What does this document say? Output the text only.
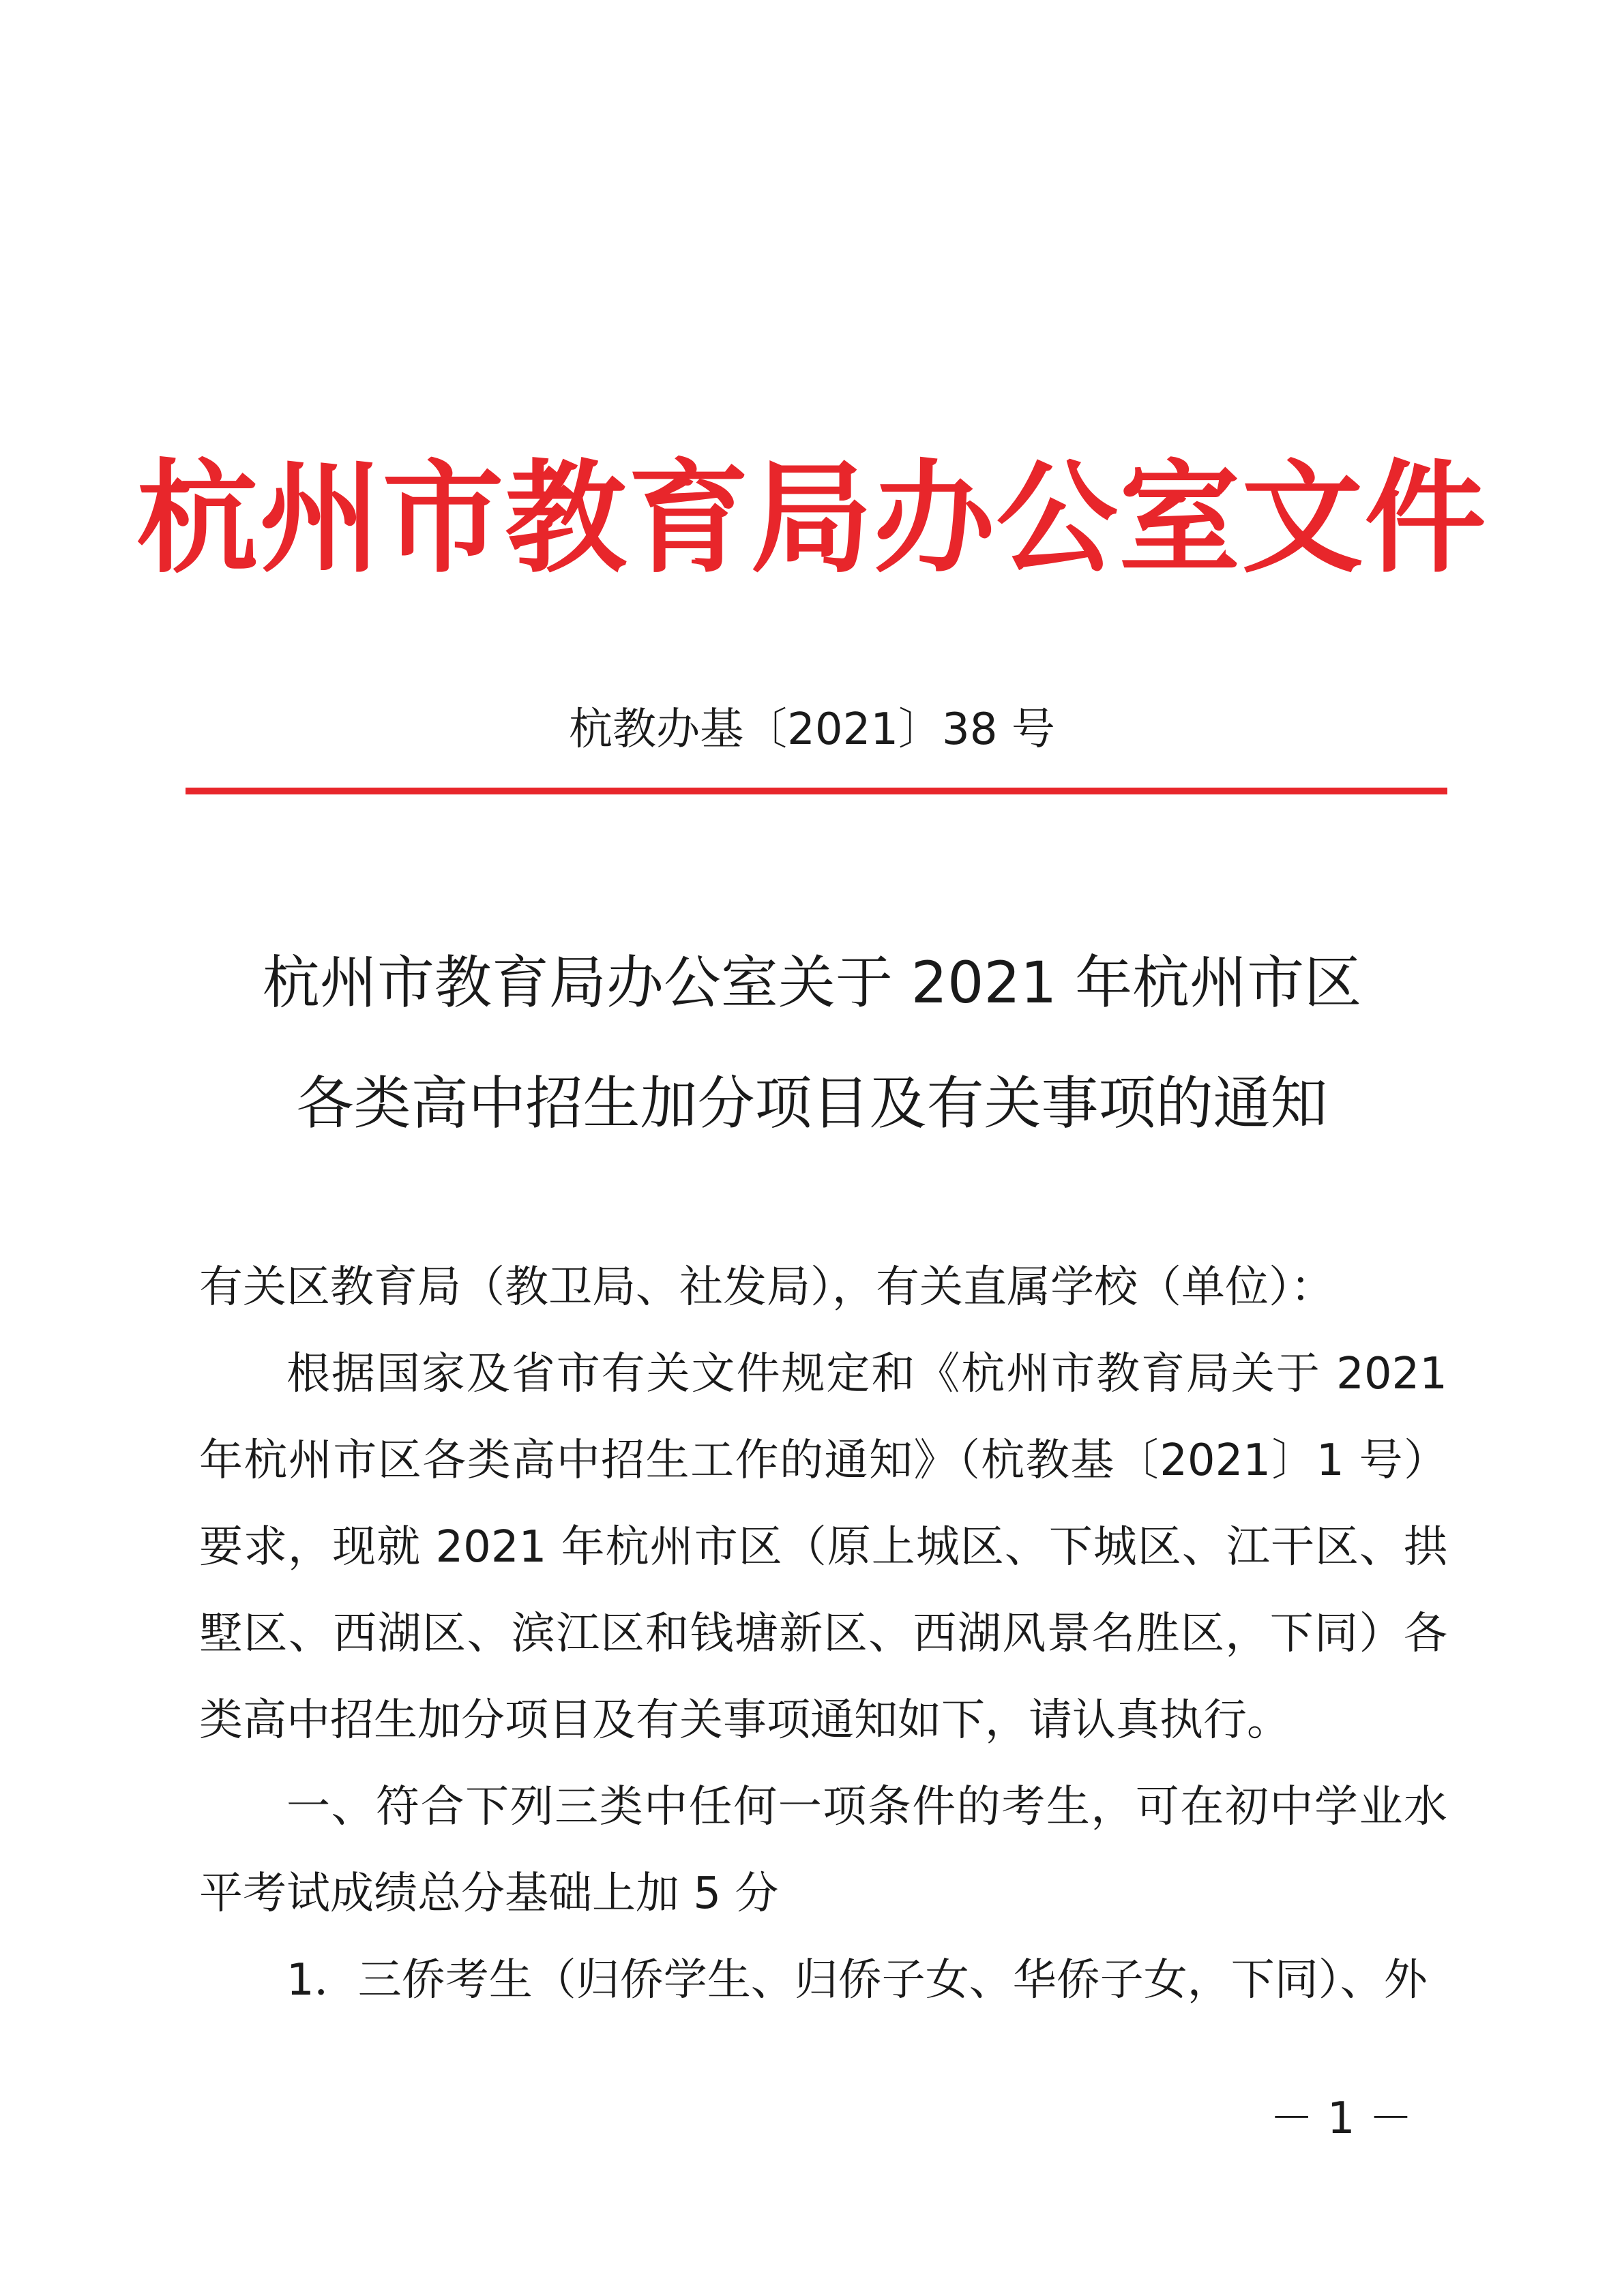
杭州市教育局办公室文件
杭教办基〔2021〕38 号
杭州市教育局办公室关于 2021 年杭州市区
各类高中招生加分项目及有关事项的通知

有关区教育局（教卫局、社发局），有关直属学校（单位）：

根据国家及省市有关文件规定和《杭州市教育局关于 2021 年杭州市区各类高中招生工作的通知》（杭教基〔2021〕1 号）要求，现就 2021 年杭州市区（原上城区、下城区、江干区、拱墅区、西湖区、滨江区和钱塘新区、西湖风景名胜区，下同）各类高中招生加分项目及有关事项通知如下，请认真执行。

一、符合下列三类中任何一项条件的考生，可在初中学业水平考试成绩总分基础上加 5 分

1．三侨考生（归侨学生、归侨子女、华侨子女，下同）、外

－ 1 －
